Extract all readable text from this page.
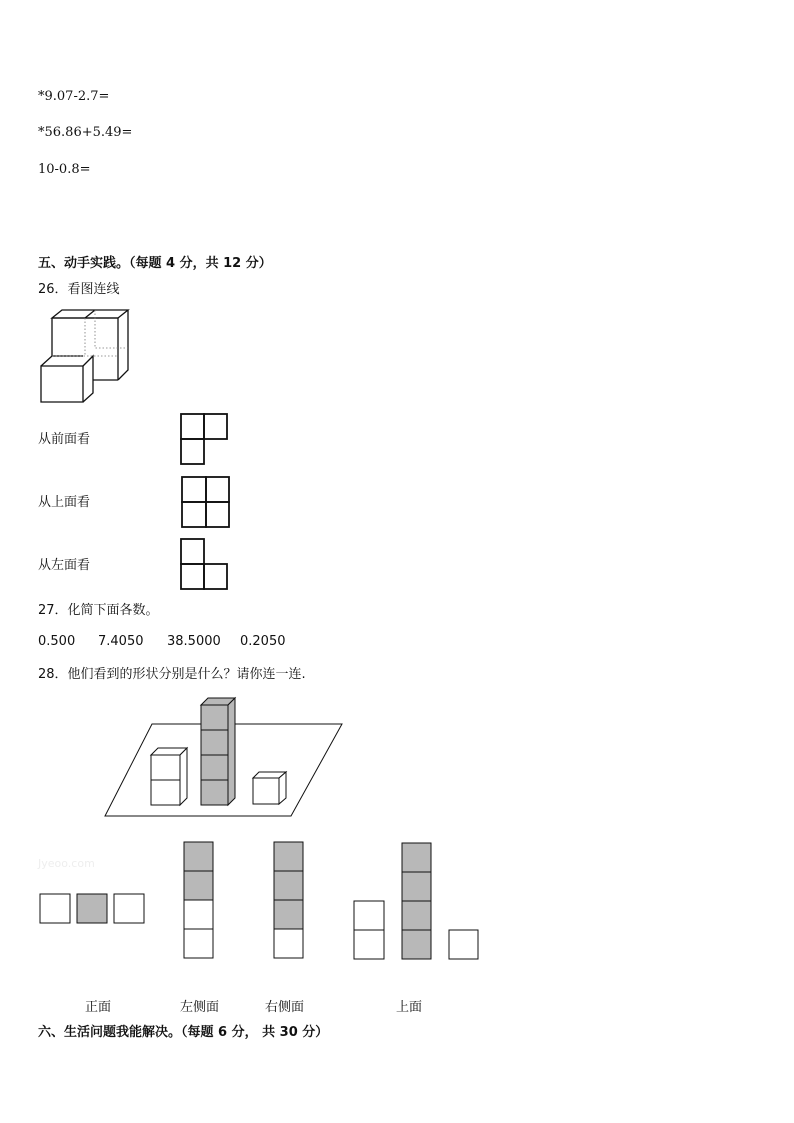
*9.07-2.7=
*56.86+5.49=
10-0.8=
五、动手实践。（每题 4 分，共 12 分）
26．看图连线
从前面看
从上面看
从左面看
27．化简下面各数。
0.500 7.4050 38.5000 0.2050
28．他们看到的形状分别是什么？请你连一连.
Jyeoo.com
正面	左侧面	右侧面	上面
六、生活问题我能解决。（每题 6 分， 共 30 分）
